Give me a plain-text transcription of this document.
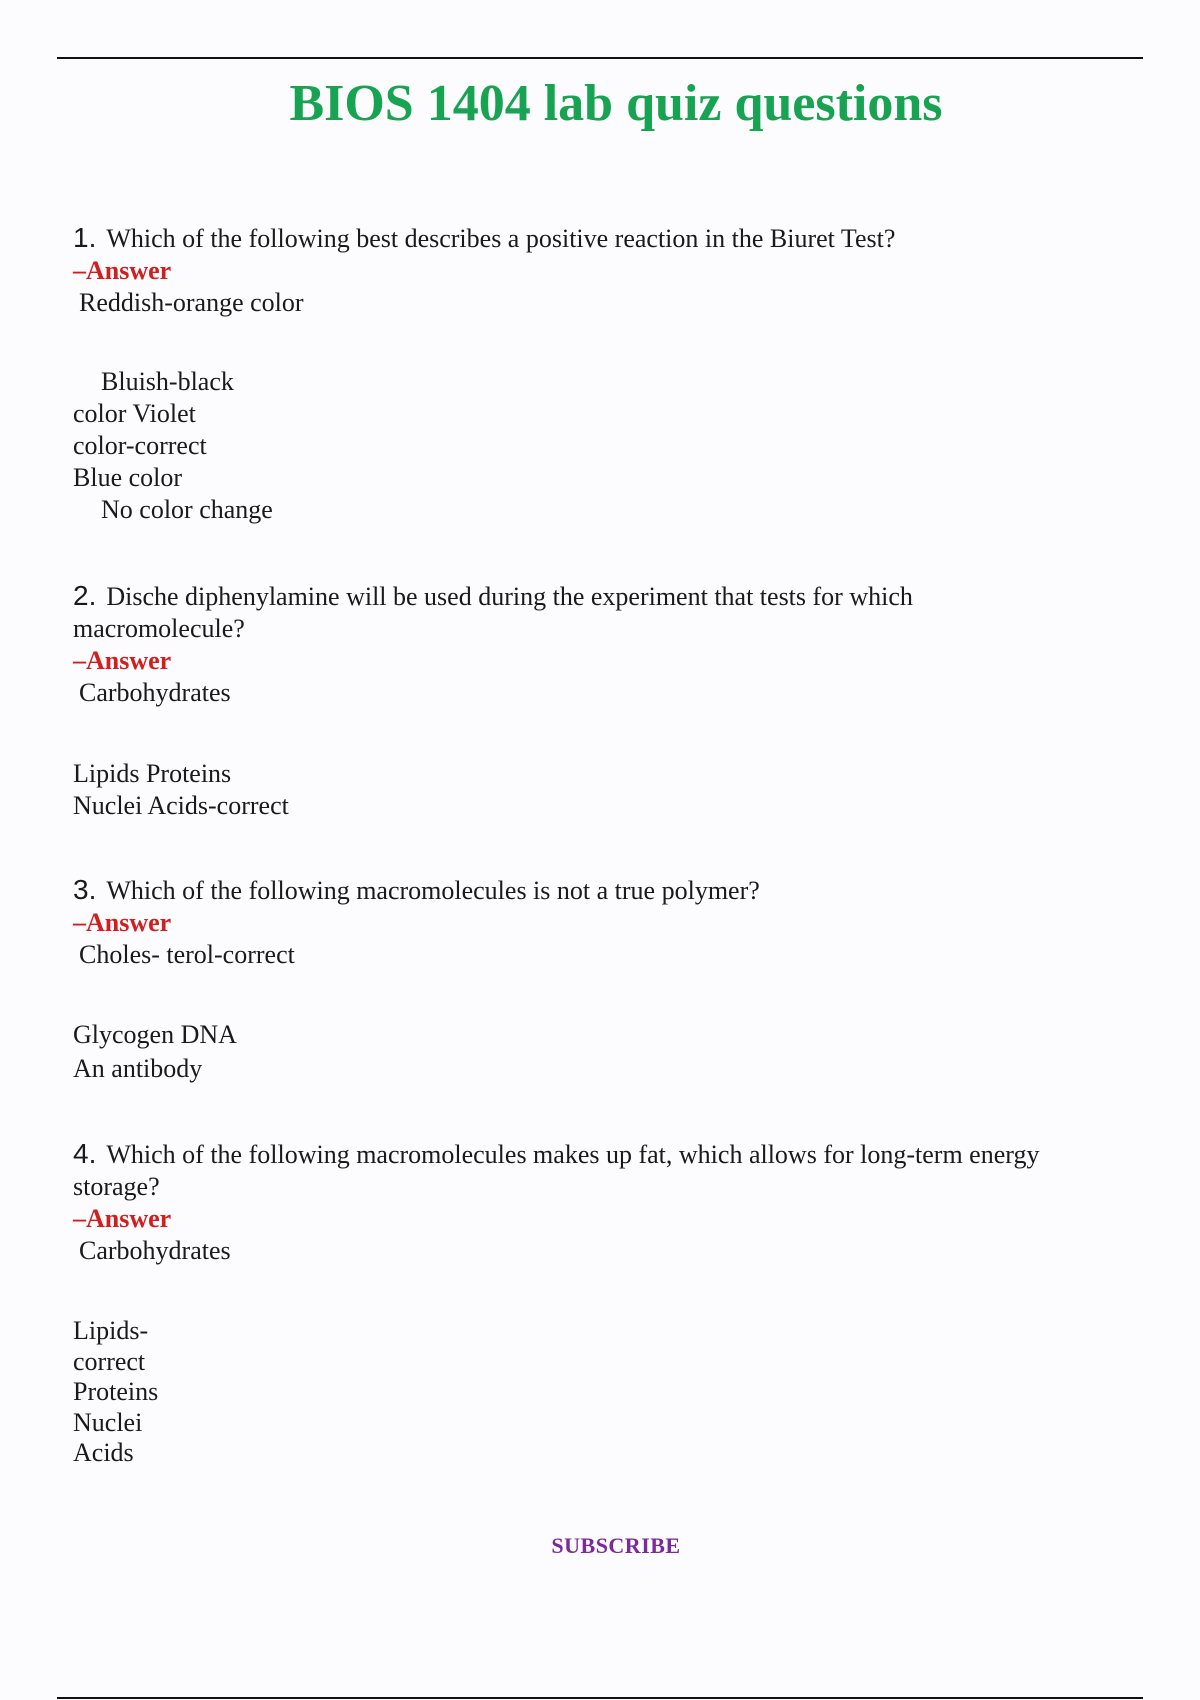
BIOS 1404 lab quiz questions

1. Which of the following best describes a positive reaction in the Biuret Test?

–Answer

Reddish-orange color

Bluish-black

color Violet

color-correct

Blue color

No color change

2. Dische diphenylamine will be used during the experiment that tests for which

macromolecule?

–Answer

Carbohydrates

Lipids Proteins

Nuclei Acids-correct

3. Which of the following macromolecules is not a true polymer?

–Answer

Choles- terol-correct

Glycogen DNA

An antibody

4. Which of the following macromolecules makes up fat, which allows for long-term energy

storage?

–Answer

Carbohydrates

Lipids-

correct

Proteins

Nuclei

Acids

SUBSCRIBE
